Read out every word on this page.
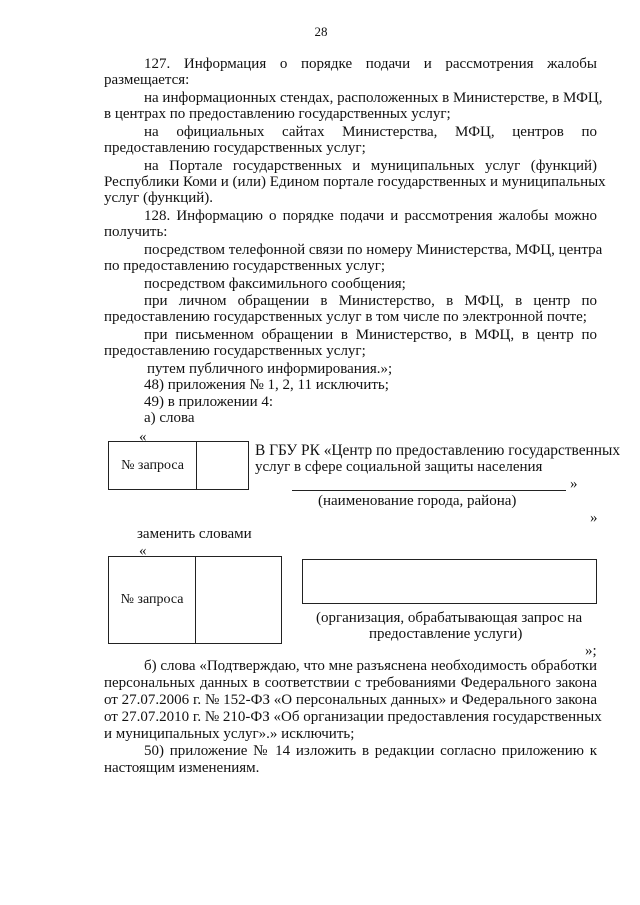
28
127. Информация о порядке подачи и рассмотрения жалобы
размещается:
на информационных стендах, расположенных в Министерстве, в МФЦ,
в центрах по предоставлению государственных услуг;
на официальных сайтах Министерства, МФЦ, центров по
предоставлению государственных услуг;
на Портале государственных и муниципальных услуг (функций)
Республики Коми и (или) Едином портале государственных и муниципальных
услуг (функций).
128. Информацию о порядке подачи и рассмотрения жалобы можно
получить:
посредством телефонной связи по номеру Министерства, МФЦ, центра
по предоставлению государственных услуг;
посредством факсимильного сообщения;
при личном обращении в Министерство, в МФЦ, в центр по
предоставлению государственных услуг в том числе по электронной почте;
при письменном обращении в Министерство, в МФЦ, в центр по
предоставлению государственных услуг;
путем публичного информирования.»;
48) приложения № 1, 2, 11 исключить;
49) в приложении 4:
а) слова
«
№ запроса
В ГБУ РК «Центр по предоставлению государственных
услуг в сфере социальной защиты населения
»
(наименование города, района)
»
заменить словами
«
№ запроса
(организация, обрабатывающая запрос на
предоставление услуги)
»;
б) слова «Подтверждаю, что мне разъяснена необходимость обработки
персональных данных в соответствии с требованиями Федерального закона
от 27.07.2006 г. № 152-ФЗ «О персональных данных» и Федерального закона
от 27.07.2010 г. № 210-ФЗ «Об организации предоставления государственных
и муниципальных услуг».» исключить;
50) приложение № 14 изложить в редакции согласно приложению к
настоящим изменениям.
